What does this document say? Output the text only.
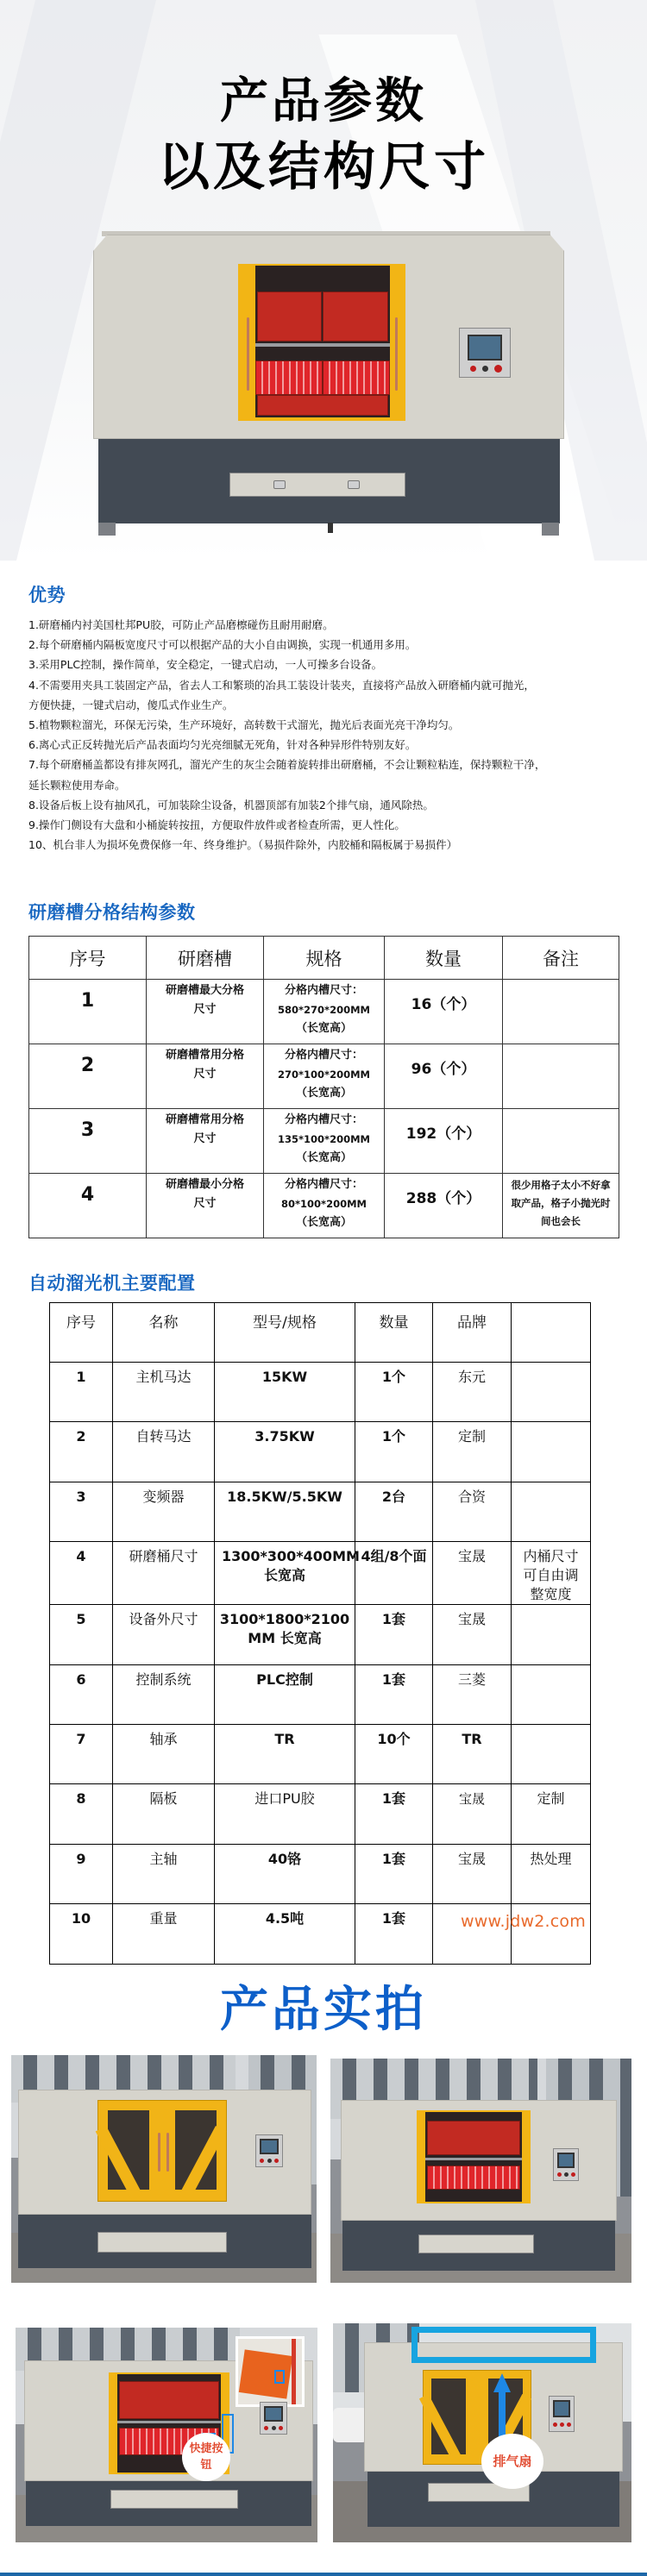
产品参数
以及结构尺寸
优势
1.研磨桶内衬美国杜邦PU胶，可防止产品磨檫碰伤且耐用耐磨。
2.每个研磨桶内隔板宽度尺寸可以根据产品的大小自由调换，实现一机通用多用。
3.采用PLC控制，操作简单，安全稳定，一键式启动，一人可操多台设备。
4.不需要用夹具工装固定产品，省去人工和繁琐的冶具工装设计装夹，直接将产品放入研磨桶内就可抛光，
方便快捷，一键式启动，傻瓜式作业生产。
5.植物颗粒溜光，环保无污染，生产环境好，高转数干式溜光，抛光后表面光亮干净均匀。
6.离心式正反转抛光后产品表面均匀光亮细腻无死角，针对各种异形件特别友好。
7.每个研磨桶盖都设有排灰网孔，溜光产生的灰尘会随着旋转排出研磨桶，不会让颗粒粘连，保持颗粒干净，
延长颗粒使用寿命。
8.设备后板上设有抽风孔，可加装除尘设备，机器顶部有加装2个排气扇，通风除热。
9.操作门侧设有大盘和小桶旋转按扭，方便取件放件或者检查所需，更人性化。
10、机台非人为损坏免费保修一年、终身维护。（易损件除外，内胶桶和隔板属于易损件）
研磨槽分格结构参数
序号	研磨槽	规格	数量	备注
1	研磨槽最大分格尺寸	分格内槽尺寸：
580*270*200MM
（长宽高）	16（个）	
2	研磨槽常用分格尺寸	分格内槽尺寸：
270*100*200MM
（长宽高）	96（个）	
3	研磨槽常用分格尺寸	分格内槽尺寸：
135*100*200MM
（长宽高）	192（个）	
4	研磨槽最小分格尺寸	分格内槽尺寸：
80*100*200MM
（长宽高）	288（个）	很少用格子太小不好拿取产品，格子小抛光时间也会长
自动溜光机主要配置
序号	名称	型号/规格	数量	品牌	
1	主机马达	15KW	1个	东元	
2	自转马达	3.75KW	1个	定制	
3	变频器	18.5KW/5.5KW	2台	合资	
4	研磨桶尺寸	1300*300*400MM 长宽高	4组/8个面	宝晟	内桶尺寸可自由调整宽度
5	设备外尺寸	3100*1800*2100MM 长宽高	1套	宝晟	
6	控制系统	PLC控制	1套	三菱	
7	轴承	TR	10个	TR	
8	隔板	进口PU胶	1套	宝晟	定制
9	主轴	40铬	1套	宝晟	热处理
10	重量	4.5吨	1套			www.jdw2.com
产品实拍
快捷按钮	排气扇
